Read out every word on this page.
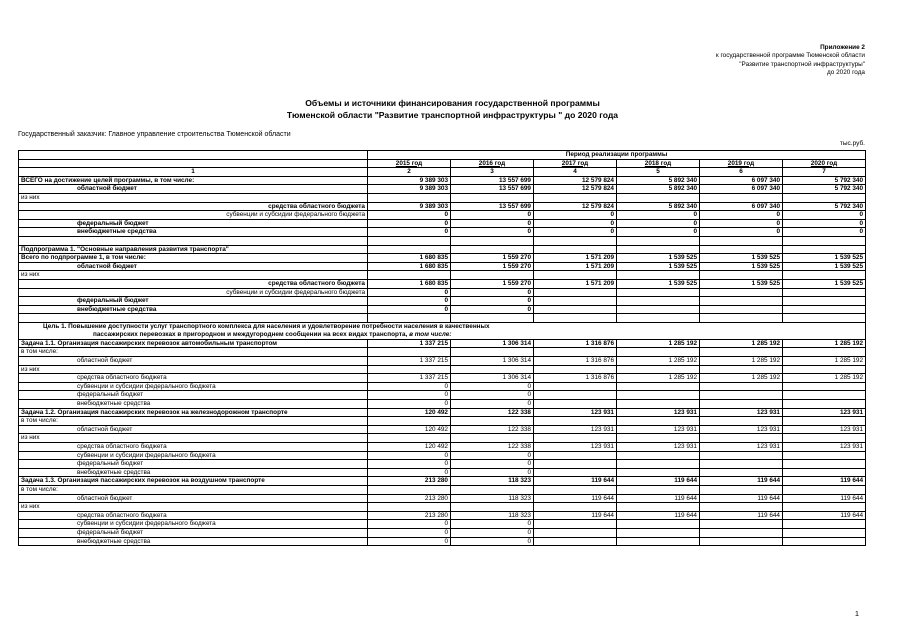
Приложение 2
к государственной программе Тюменской области
"Развитие транспортной инфраструктуры"
до 2020 года
Объемы и источники финансирования государственной программы
Тюменской области "Развитие транспортной инфраструктуры " до 2020 года
Государственный заказчик: Главное управление строительства Тюменской области
тыс.руб.
	Период реализации программы					
	2015 год	2016 год	2017 год	2018 год	2019 год	2020 год
1	2	3	4	5	6	7
ВСЕГО на достижение целей программы, в том числе:	9 389 303	13 557 699	12 579 824	5 892 340	6 097 340	5 792 340
областной бюджет	9 389 303	13 557 699	12 579 824	5 892 340	6 097 340	5 792 340
из них						
средства областного бюджета	9 389 303	13 557 699	12 579 824	5 892 340	6 097 340	5 792 340
субвенции и субсидии федерального бюджета	0	0	0	0	0	0
федеральный бюджет	0	0	0	0	0	0
внебюджетные средства	0	0	0	0	0	0

Подпрограмма 1. "Основные направления развития транспорта"						
Всего по подпрограмме 1, в том числе:	1 680 835	1 559 270	1 571 209	1 539 525	1 539 525	1 539 525
областной бюджет	1 680 835	1 559 270	1 571 209	1 539 525	1 539 525	1 539 525
из них						
средства областного бюджета	1 680 835	1 559 270	1 571 209	1 539 525	1 539 525	1 539 525
субвенции и субсидии федерального бюджета	0	0				
федеральный бюджет	0	0				
внебюджетные средства	0	0				

Цель 1. Повышение доступности услуг транспортного комплекса для населения и удовлетворение потребности населения в качественных
пассажирских перевозках в пригородном и междугороднем сообщении на всех видах транспорта, в том числе:						

Задача 1.1. Организация пассажирских перевозок автомобильным транспортом	1 337 215	1 306 314	1 316 876	1 285 192	1 285 192	1 285 192
в том числе:						
областной бюджет	1 337 215	1 306 314	1 316 876	1 285 192	1 285 192	1 285 192
из них						
средства областного бюджета	1 337 215	1 306 314	1 316 876	1 285 192	1 285 192	1 285 192
субвенции и субсидии федерального бюджета	0	0				
федеральный бюджет	0	0				
внебюджетные средства	0	0				
Задача 1.2. Организация пассажирских перевозок на железнодорожном транспорте	120 492	122 338	123 931	123 931	123 931	123 931
в том числе:						
областной бюджет	120 492	122 338	123 931	123 931	123 931	123 931
из них						
средства областного бюджета	120 492	122 338	123 931	123 931	123 931	123 931
субвенции и субсидии федерального бюджета	0	0				
федеральный бюджет	0	0				
внебюджетные средства	0	0				
Задача 1.3. Организация пассажирских перевозок на воздушном транспорте	213 280	118 323	119 644	119 644	119 644	119 644
в том числе:						
областной бюджет	213 280	118 323	119 644	119 644	119 644	119 644
из них						
средства областного бюджета	213 280	118 323	119 644	119 644	119 644	119 644
субвенции и субсидии федерального бюджета	0	0				
федеральный бюджет	0	0				
внебюджетные средства	0	0				
1
